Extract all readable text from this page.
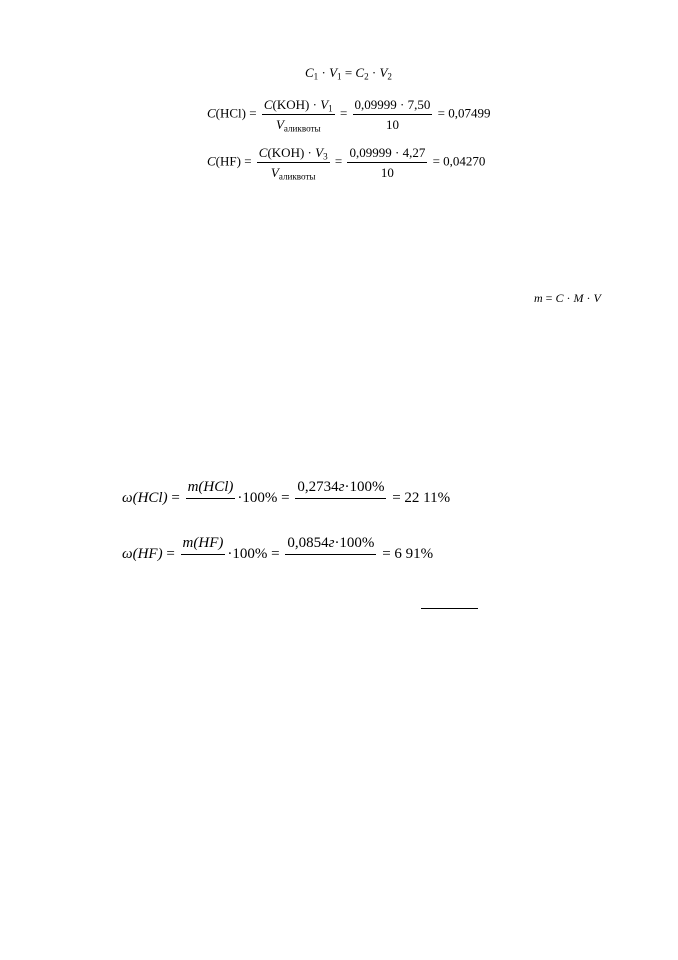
$C_1 \cdot V_1 = C_2 \cdot V_2$
$C(HCl) = \frac{C(KOH) \cdot V_1}{V_{аликвоты}} = \frac{0,09999 \cdot 7,50}{10} = 0,07499$
$C(HF) = \frac{C(KOH) \cdot V_3}{V_{аликвоты}} = \frac{0,09999 \cdot 4,27}{10} = 0,04270$
m = C · M · V
ω(HCl) =
m(HCl)

·100% =
0,2734г·100%

= 22 11%
ω(HF) =
m(HF)

·100% =
0,0854г·100%

= 6 91%
